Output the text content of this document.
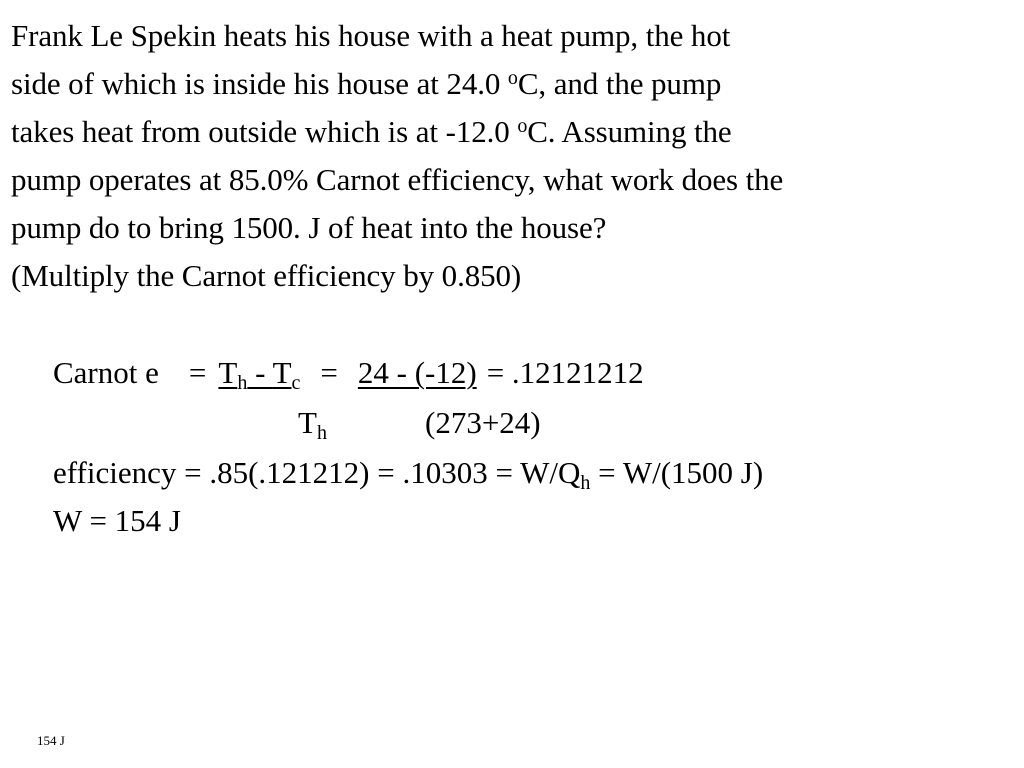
Frank Le Spekin heats his house with a heat pump, the hot
side of which is inside his house at 24.0 $^o$C, and the pump
takes heat from outside which is at -12.0 $^o$C. Assuming the
pump operates at 85.0% Carnot efficiency, what work does the
pump do to bring 1500. J of heat into the house?
(Multiply the Carnot efficiency by 0.850)
Carnot $e = T_h - T_c = 24 - (-12) = .12121212$
$T_h$	(273+24)
efficiency = $.85(.121212) = .10303 = W/Q_h = W/(1500$ J)
W = 154 J
154 J
